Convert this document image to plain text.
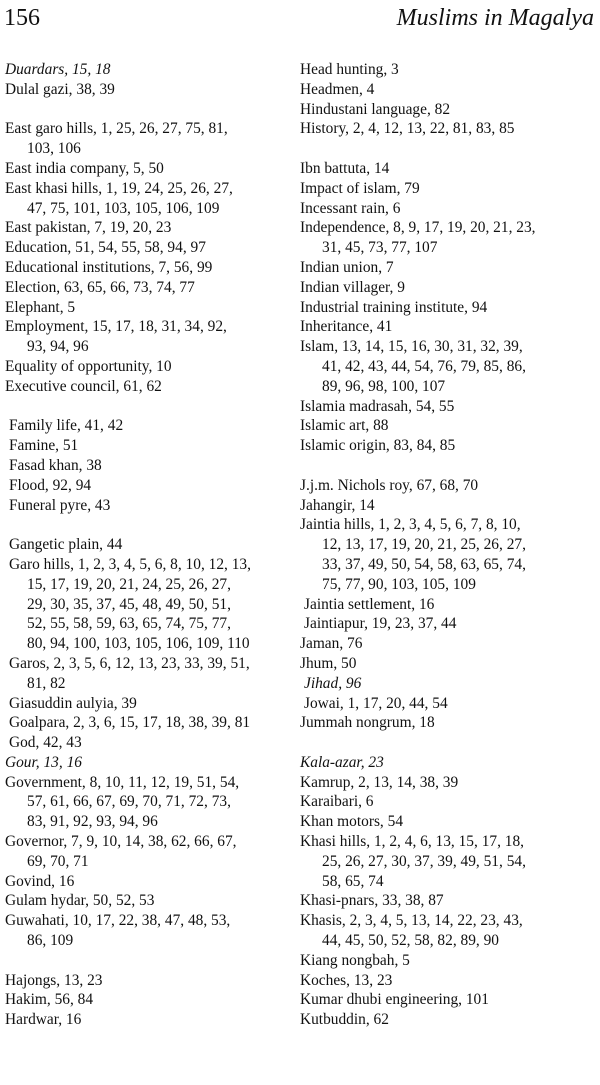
156	Muslims in Magalya
Duardars, 15, 18
Dulal gazi, 38, 39
East garo hills, 1, 25, 26, 27, 75, 81,
103, 106
East india company, 5, 50
East khasi hills, 1, 19, 24, 25, 26, 27,
47, 75, 101, 103, 105, 106, 109
East pakistan, 7, 19, 20, 23
Education, 51, 54, 55, 58, 94, 97
Educational institutions, 7, 56, 99
Election, 63, 65, 66, 73, 74, 77
Elephant, 5
Employment, 15, 17, 18, 31, 34, 92,
93, 94, 96
Equality of opportunity, 10
Executive council, 61, 62
Family life, 41, 42
Famine, 51
Fasad khan, 38
Flood, 92, 94
Funeral pyre, 43
Gangetic plain, 44
Garo hills, 1, 2, 3, 4, 5, 6, 8, 10, 12, 13,
15, 17, 19, 20, 21, 24, 25, 26, 27,
29, 30, 35, 37, 45, 48, 49, 50, 51,
52, 55, 58, 59, 63, 65, 74, 75, 77,
80, 94, 100, 103, 105, 106, 109, 110
Garos, 2, 3, 5, 6, 12, 13, 23, 33, 39, 51,
81, 82
Giasuddin aulyia, 39
Goalpara, 2, 3, 6, 15, 17, 18, 38, 39, 81
God, 42, 43
Gour, 13, 16
Government, 8, 10, 11, 12, 19, 51, 54,
57, 61, 66, 67, 69, 70, 71, 72, 73,
83, 91, 92, 93, 94, 96
Governor, 7, 9, 10, 14, 38, 62, 66, 67,
69, 70, 71
Govind, 16
Gulam hydar, 50, 52, 53
Guwahati, 10, 17, 22, 38, 47, 48, 53,
86, 109
Hajongs, 13, 23
Hakim, 56, 84
Hardwar, 16
Head hunting, 3
Headmen, 4
Hindustani language, 82
History, 2, 4, 12, 13, 22, 81, 83, 85
Ibn battuta, 14
Impact of islam, 79
Incessant rain, 6
Independence, 8, 9, 17, 19, 20, 21, 23,
31, 45, 73, 77, 107
Indian union, 7
Indian villager, 9
Industrial training institute, 94
Inheritance, 41
Islam, 13, 14, 15, 16, 30, 31, 32, 39,
41, 42, 43, 44, 54, 76, 79, 85, 86,
89, 96, 98, 100, 107
Islamia madrasah, 54, 55
Islamic art, 88
Islamic origin, 83, 84, 85
J.j.m. Nichols roy, 67, 68, 70
Jahangir, 14
Jaintia hills, 1, 2, 3, 4, 5, 6, 7, 8, 10,
12, 13, 17, 19, 20, 21, 25, 26, 27,
33, 37, 49, 50, 54, 58, 63, 65, 74,
75, 77, 90, 103, 105, 109
Jaintia settlement, 16
Jaintiapur, 19, 23, 37, 44
Jaman, 76
Jhum, 50
Jihad, 96
Jowai, 1, 17, 20, 44, 54
Jummah nongrum, 18
Kala-azar, 23
Kamrup, 2, 13, 14, 38, 39
Karaibari, 6
Khan motors, 54
Khasi hills, 1, 2, 4, 6, 13, 15, 17, 18,
25, 26, 27, 30, 37, 39, 49, 51, 54,
58, 65, 74
Khasi-pnars, 33, 38, 87
Khasis, 2, 3, 4, 5, 13, 14, 22, 23, 43,
44, 45, 50, 52, 58, 82, 89, 90
Kiang nongbah, 5
Koches, 13, 23
Kumar dhubi engineering, 101
Kutbuddin, 62
